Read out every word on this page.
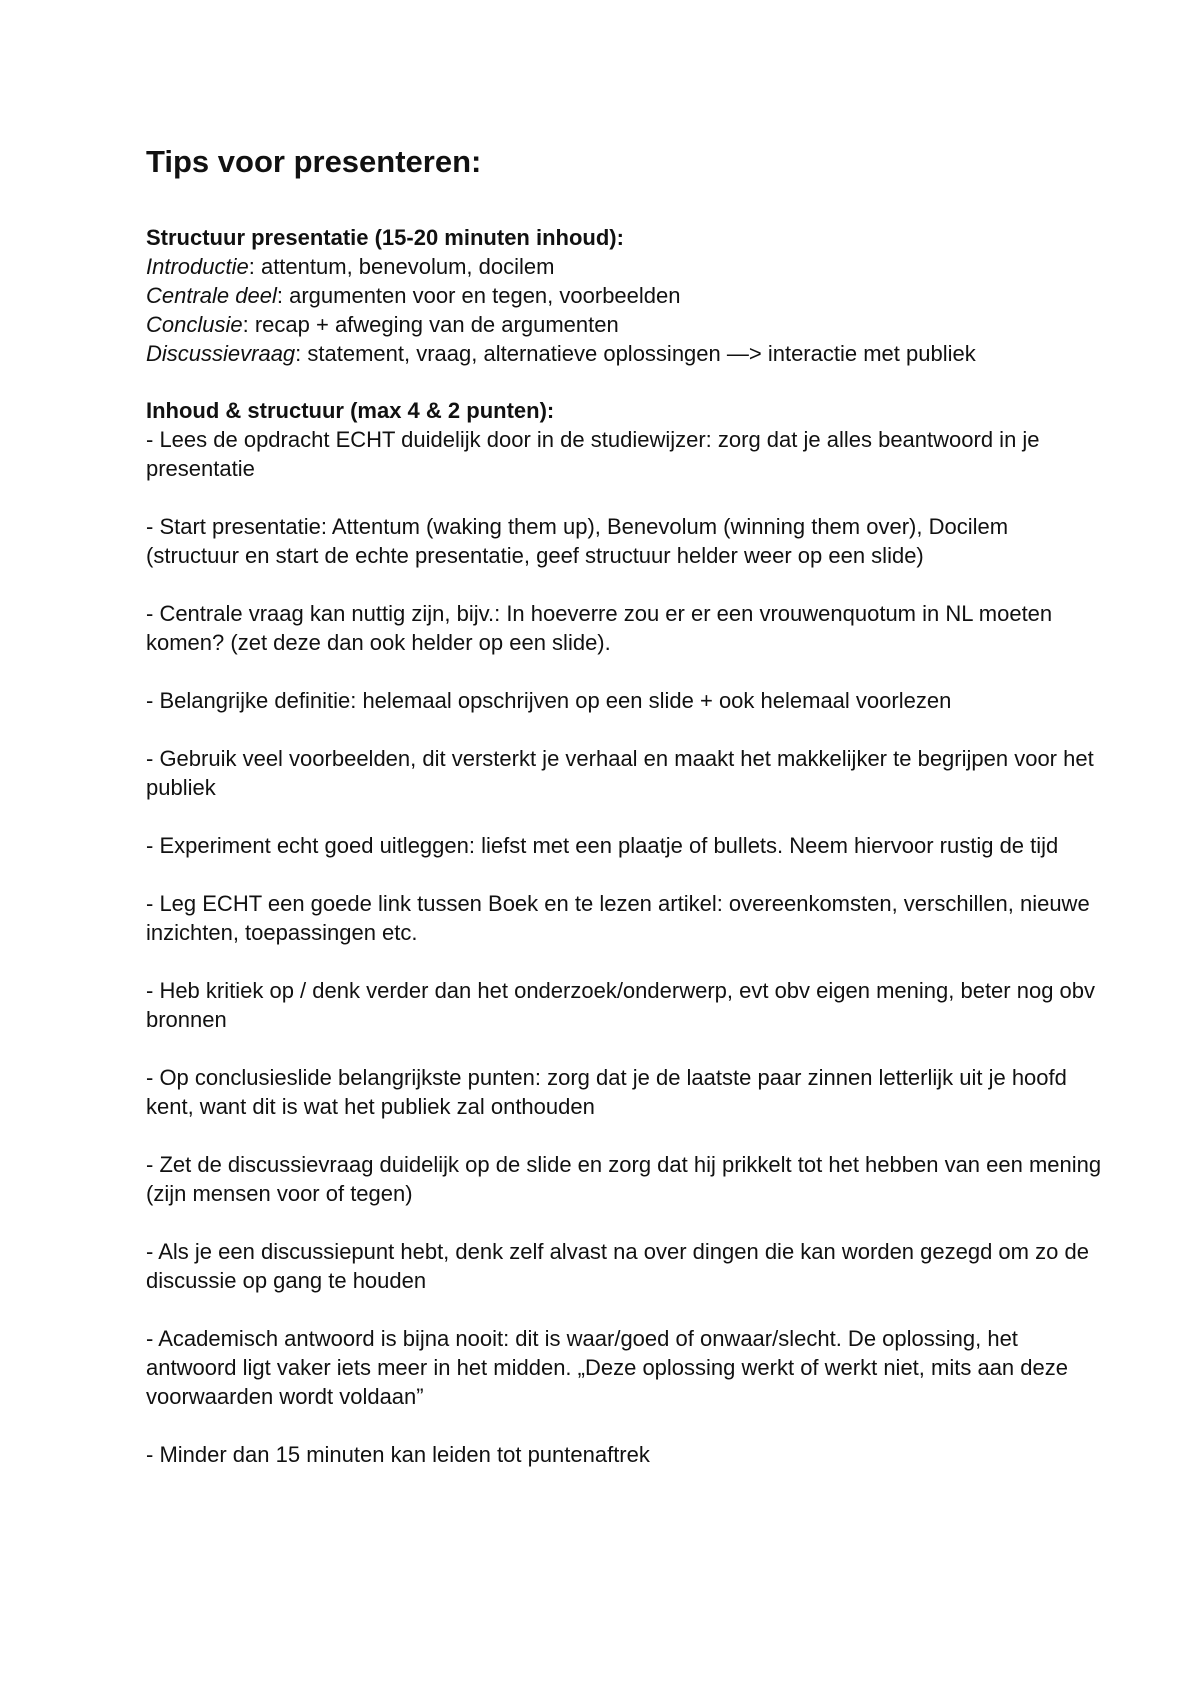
Tips voor presenteren:

Structuur presentatie (15-20 minuten inhoud):

Introductie: attentum, benevolum, docilem

Centrale deel: argumenten voor en tegen, voorbeelden

Conclusie: recap + afweging van de argumenten

Discussievraag: statement, vraag, alternatieve oplossingen —> interactie met publiek

Inhoud & structuur (max 4 & 2 punten):

- Lees de opdracht ECHT duidelijk door in de studiewijzer: zorg dat je alles beantwoord in je presentatie

- Start presentatie: Attentum (waking them up), Benevolum (winning them over), Docilem (structuur en start de echte presentatie, geef structuur helder weer op een slide)

- Centrale vraag kan nuttig zijn, bijv.: In hoeverre zou er er een vrouwenquotum in NL moeten komen? (zet deze dan ook helder op een slide).

- Belangrijke definitie: helemaal opschrijven op een slide + ook helemaal voorlezen

- Gebruik veel voorbeelden, dit versterkt je verhaal en maakt het makkelijker te begrijpen voor het publiek

- Experiment echt goed uitleggen: liefst met een plaatje of bullets. Neem hiervoor rustig de tijd

- Leg ECHT een goede link tussen Boek en te lezen artikel: overeenkomsten, verschillen, nieuwe inzichten, toepassingen etc.

- Heb kritiek op / denk verder dan het onderzoek/onderwerp, evt obv eigen mening, beter nog obv bronnen

- Op conclusieslide belangrijkste punten: zorg dat je de laatste paar zinnen letterlijk uit je hoofd kent, want dit is wat het publiek zal onthouden

- Zet de discussievraag duidelijk op de slide en zorg dat hij prikkelt tot het hebben van een mening (zijn mensen voor of tegen)

- Als je een discussiepunt hebt, denk zelf alvast na over dingen die kan worden gezegd om zo de discussie op gang te houden

- Academisch antwoord is bijna nooit: dit is waar/goed of onwaar/slecht. De oplossing, het antwoord ligt vaker iets meer in het midden. „Deze oplossing werkt of werkt niet, mits aan deze voorwaarden wordt voldaan”

- Minder dan 15 minuten kan leiden tot puntenaftrek
